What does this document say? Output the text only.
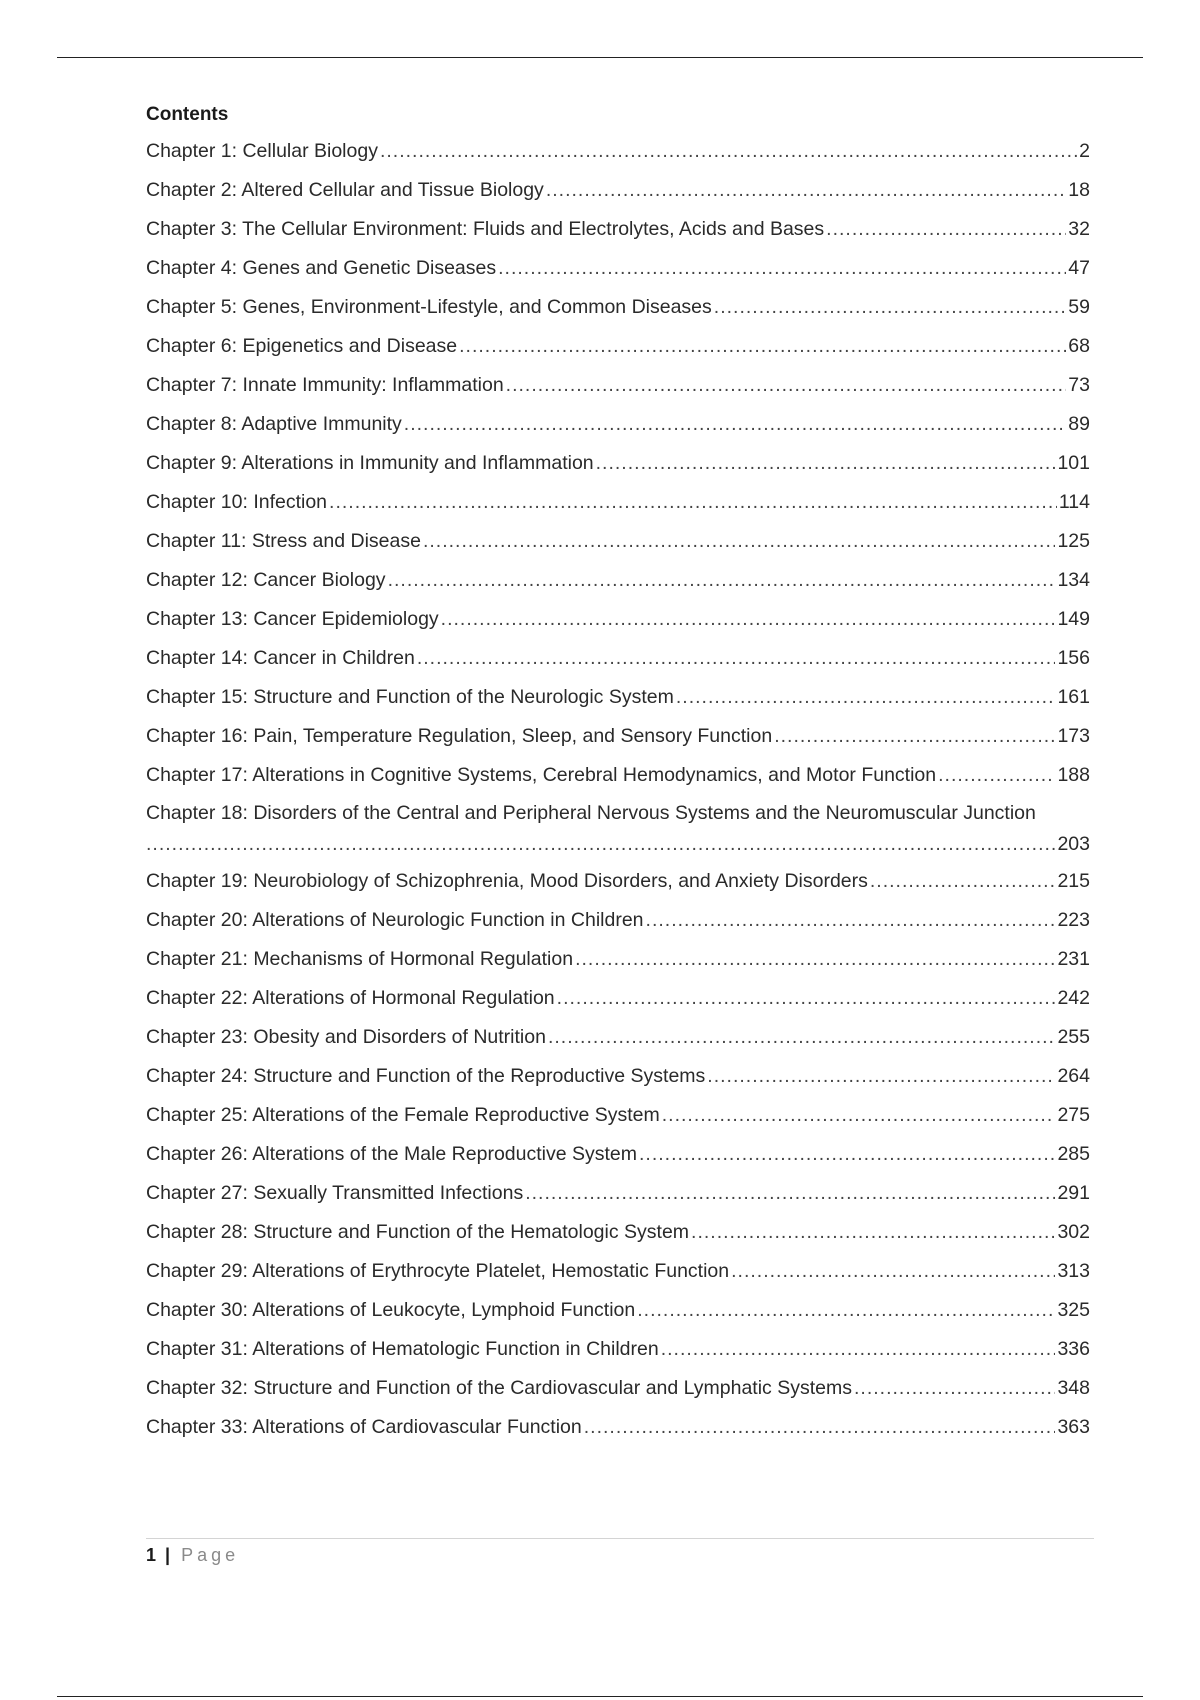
Contents
Chapter 1: Cellular Biology .....	2
Chapter 2: Altered Cellular and Tissue Biology .....	18
Chapter 3: The Cellular Environment: Fluids and Electrolytes, Acids and Bases .....	32
Chapter 4: Genes and Genetic Diseases .....	47
Chapter 5: Genes, Environment-Lifestyle, and Common Diseases .....	59
Chapter 6: Epigenetics and Disease .....	68
Chapter 7: Innate Immunity: Inflammation .....	73
Chapter 8: Adaptive Immunity .....	89
Chapter 9: Alterations in Immunity and Inflammation .....	101
Chapter 10: Infection .....	114
Chapter 11: Stress and Disease .....	125
Chapter 12: Cancer Biology .....	134
Chapter 13: Cancer Epidemiology .....	149
Chapter 14: Cancer in Children .....	156
Chapter 15: Structure and Function of the Neurologic System .....	161
Chapter 16: Pain, Temperature Regulation, Sleep, and Sensory Function .....	173
Chapter 17: Alterations in Cognitive Systems, Cerebral Hemodynamics, and Motor Function .....	188
Chapter 18: Disorders of the Central and Peripheral Nervous Systems and the Neuromuscular Junction
.....
203
Chapter 19: Neurobiology of Schizophrenia, Mood Disorders, and Anxiety Disorders .....	215
Chapter 20: Alterations of Neurologic Function in Children .....	223
Chapter 21: Mechanisms of Hormonal Regulation .....	231
Chapter 22: Alterations of Hormonal Regulation .....	242
Chapter 23: Obesity and Disorders of Nutrition .....	255
Chapter 24: Structure and Function of the Reproductive Systems .....	264
Chapter 25: Alterations of the Female Reproductive System .....	275
Chapter 26: Alterations of the Male Reproductive System .....	285
Chapter 27: Sexually Transmitted Infections .....	291
Chapter 28: Structure and Function of the Hematologic System .....	302
Chapter 29: Alterations of Erythrocyte Platelet, Hemostatic Function .....	313
Chapter 30: Alterations of Leukocyte, Lymphoid Function .....	325
Chapter 31: Alterations of Hematologic Function in Children .....	336
Chapter 32: Structure and Function of the Cardiovascular and Lymphatic Systems .....	348
Chapter 33: Alterations of Cardiovascular Function .....	363
1 | Page
